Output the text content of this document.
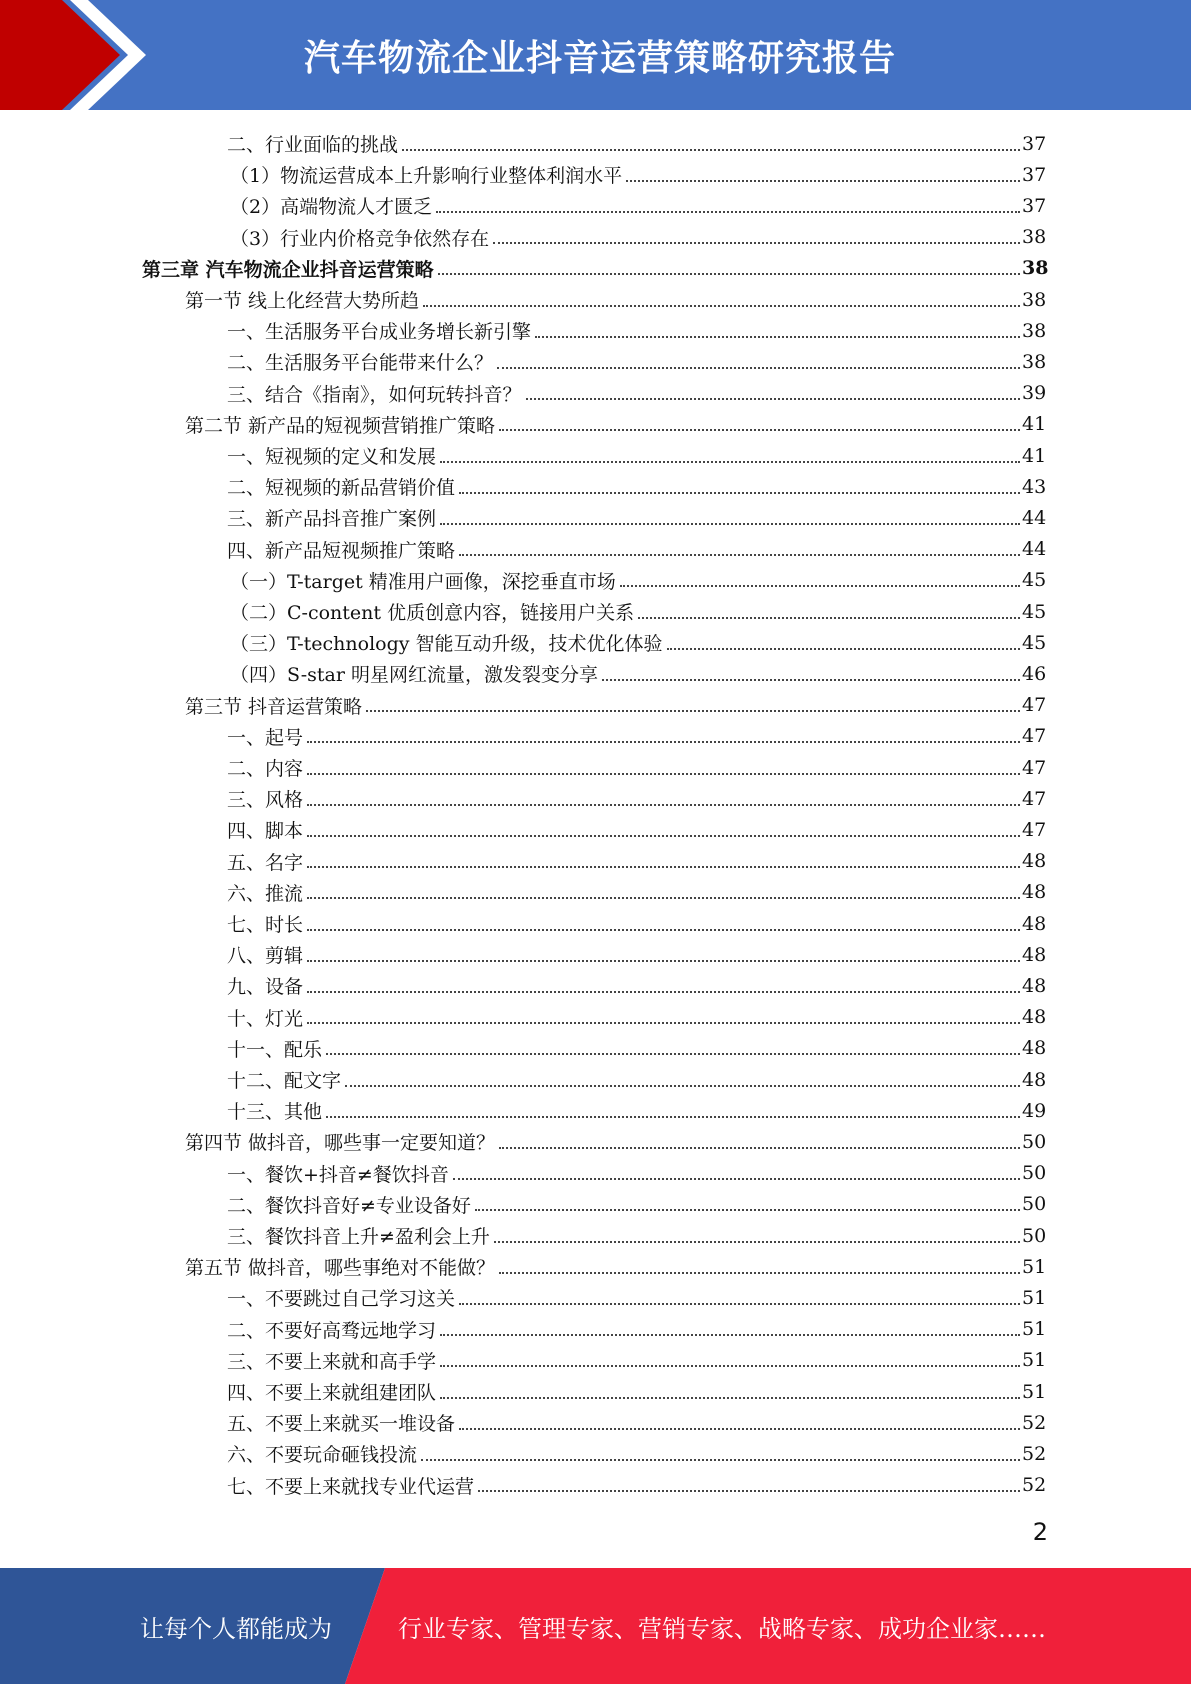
汽车物流企业抖音运营策略研究报告
二、行业面临的挑战	37
（1）物流运营成本上升影响行业整体利润水平	37
（2）高端物流人才匮乏	37
（3）行业内价格竞争依然存在	38
第三章 汽车物流企业抖音运营策略	38
第一节 线上化经营大势所趋	38
一、生活服务平台成业务增长新引擎	38
二、生活服务平台能带来什么？	38
三、结合《指南》，如何玩转抖音？	39
第二节 新产品的短视频营销推广策略	41
一、短视频的定义和发展	41
二、短视频的新品营销价值	43
三、新产品抖音推广案例	44
四、新产品短视频推广策略	44
（一）T-target 精准用户画像，深挖垂直市场	45
（二）C-content 优质创意内容，链接用户关系	45
（三）T-technology 智能互动升级，技术优化体验	45
（四）S-star 明星网红流量，激发裂变分享	46
第三节 抖音运营策略	47
一、起号	47
二、内容	47
三、风格	47
四、脚本	47
五、名字	48
六、推流	48
七、时长	48
八、剪辑	48
九、设备	48
十、灯光	48
十一、配乐	48
十二、配文字	48
十三、其他	49
第四节 做抖音，哪些事一定要知道？	50
一、餐饮+抖音≠餐饮抖音	50
二、餐饮抖音好≠专业设备好	50
三、餐饮抖音上升≠盈利会上升	50
第五节 做抖音，哪些事绝对不能做？	51
一、不要跳过自己学习这关	51
二、不要好高骛远地学习	51
三、不要上来就和高手学	51
四、不要上来就组建团队	51
五、不要上来就买一堆设备	52
六、不要玩命砸钱投流	52
七、不要上来就找专业代运营	52
2
让每个人都能成为	行业专家、管理专家、营销专家、战略专家、成功企业家……
